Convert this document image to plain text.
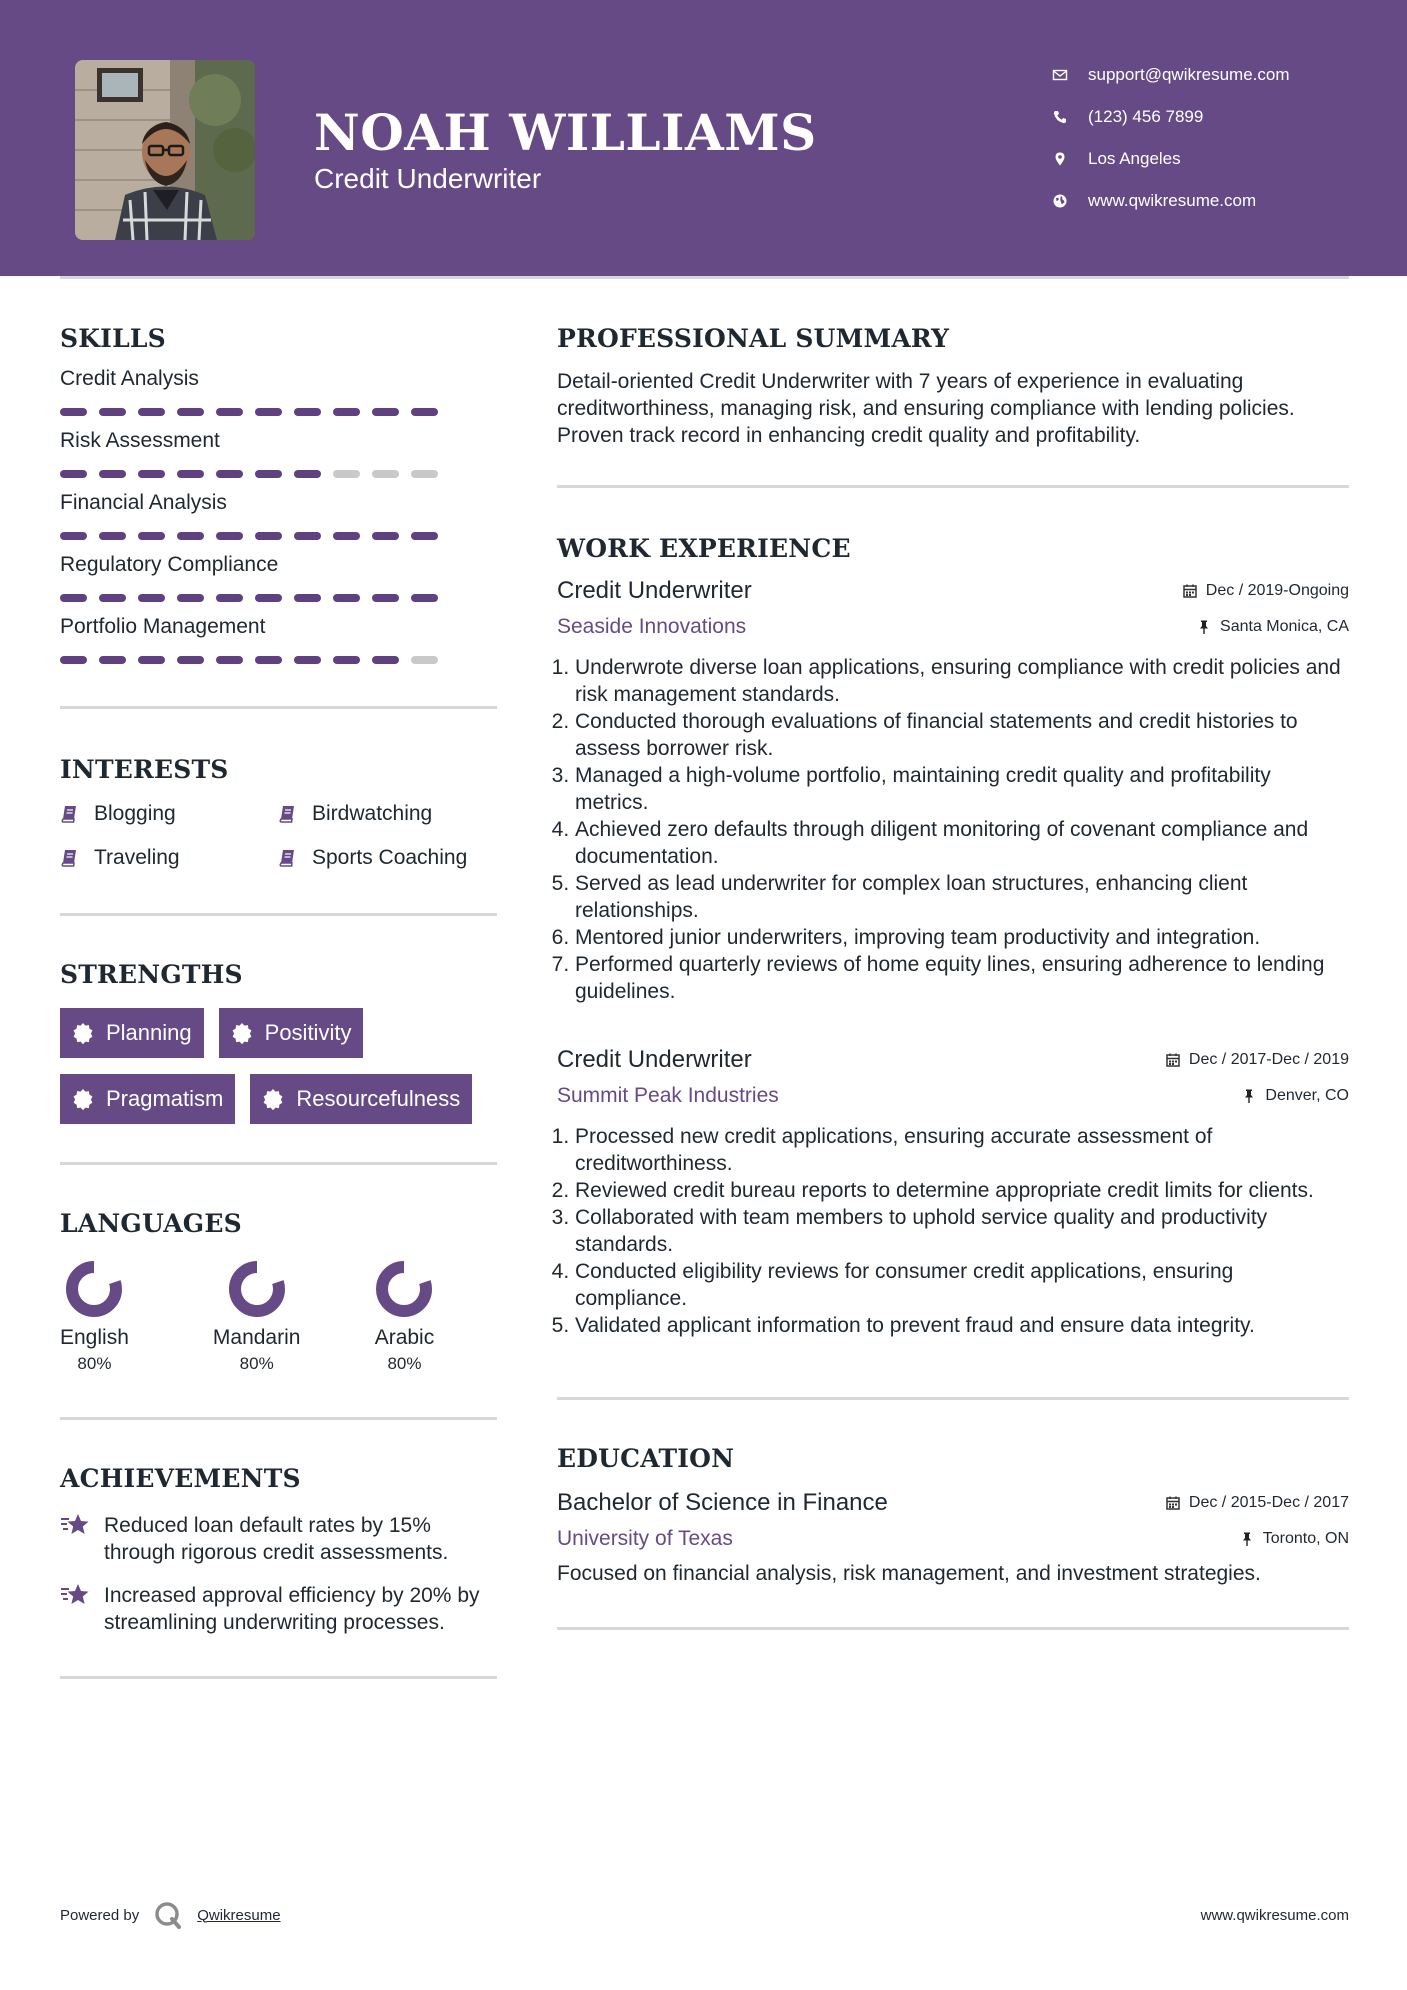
NOAH WILLIAMS
Credit Underwriter
support@qwikresume.com
(123) 456 7899
Los Angeles
www.qwikresume.com
SKILLS
Credit Analysis
Risk Assessment
Financial Analysis
Regulatory Compliance
Portfolio Management
INTERESTS
Blogging	Birdwatching
Traveling	Sports Coaching
STRENGTHS
Planning	Positivity
Pragmatism	Resourcefulness
LANGUAGES
English
80%
Mandarin
80%
Arabic
80%
ACHIEVEMENTS
Reduced loan default rates by 15% through rigorous credit assessments.
Increased approval efficiency by 20% by streamlining underwriting processes.
PROFESSIONAL SUMMARY

Detail-oriented Credit Underwriter with 7 years of experience in evaluating creditworthiness, managing risk, and ensuring compliance with lending policies. Proven track record in enhancing credit quality and profitability.

WORK EXPERIENCE
Credit Underwriter	Dec / 2019-Ongoing
Seaside Innovations	Santa Monica, CA
1. Underwrote diverse loan applications, ensuring compliance with credit policies and risk management standards.
2. Conducted thorough evaluations of financial statements and credit histories to assess borrower risk.
3. Managed a high-volume portfolio, maintaining credit quality and profitability metrics.
4. Achieved zero defaults through diligent monitoring of covenant compliance and documentation.
5. Served as lead underwriter for complex loan structures, enhancing client relationships.
6. Mentored junior underwriters, improving team productivity and integration.
7. Performed quarterly reviews of home equity lines, ensuring adherence to lending guidelines.
Credit Underwriter	Dec / 2017-Dec / 2019
Summit Peak Industries	Denver, CO
1. Processed new credit applications, ensuring accurate assessment of creditworthiness.
2. Reviewed credit bureau reports to determine appropriate credit limits for clients.
3. Collaborated with team members to uphold service quality and productivity standards.
4. Conducted eligibility reviews for consumer credit applications, ensuring compliance.
5. Validated applicant information to prevent fraud and ensure data integrity.
EDUCATION
Bachelor of Science in Finance	Dec / 2015-Dec / 2017
University of Texas	Toronto, ON

Focused on financial analysis, risk management, and investment strategies.

Powered by	Qwikresume	www.qwikresume.com
